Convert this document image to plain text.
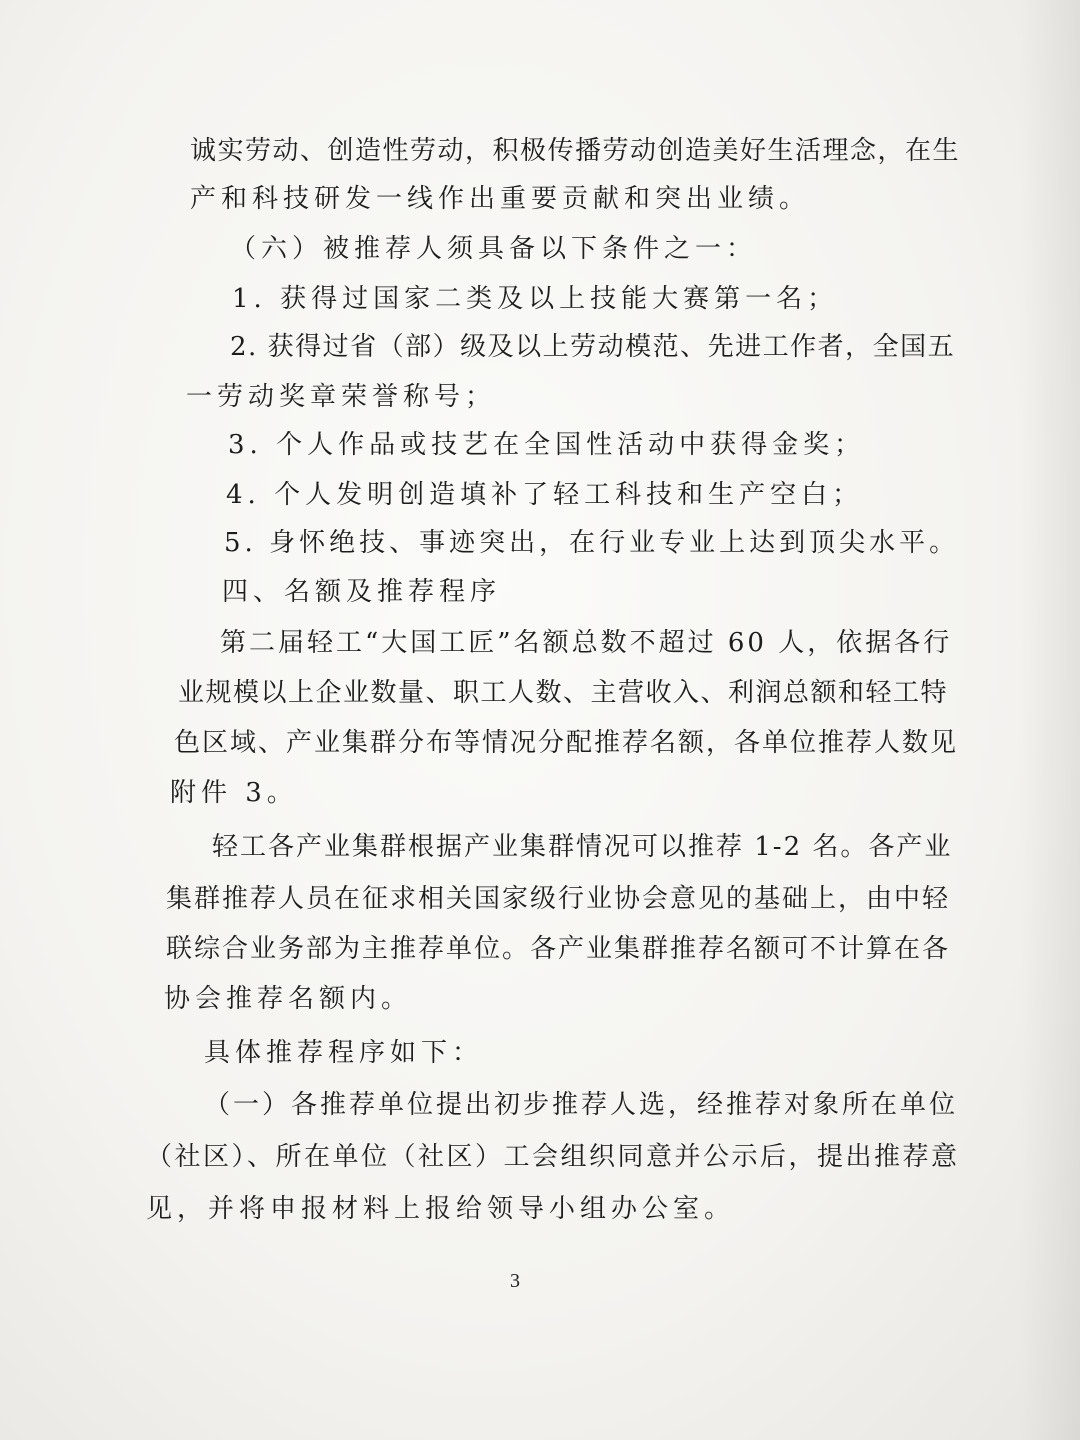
诚实劳动、创造性劳动，积极传播劳动创造美好生活理念，在生
产和科技研发一线作出重要贡献和突出业绩。
（六）被推荐人须具备以下条件之一：
1. 获得过国家二类及以上技能大赛第一名；
2. 获得过省（部）级及以上劳动模范、先进工作者，全国五
一劳动奖章荣誉称号；
3. 个人作品或技艺在全国性活动中获得金奖；
4. 个人发明创造填补了轻工科技和生产空白；
5. 身怀绝技、事迹突出，在行业专业上达到顶尖水平。
四、名额及推荐程序
第二届轻工“大国工匠”名额总数不超过 60 人，依据各行
业规模以上企业数量、职工人数、主营收入、利润总额和轻工特
色区域、产业集群分布等情况分配推荐名额，各单位推荐人数见
附件 3。
轻工各产业集群根据产业集群情况可以推荐 1-2 名。各产业
集群推荐人员在征求相关国家级行业协会意见的基础上，由中轻
联综合业务部为主推荐单位。各产业集群推荐名额可不计算在各
协会推荐名额内。
具体推荐程序如下：
（一）各推荐单位提出初步推荐人选，经推荐对象所在单位
（社区）、所在单位（社区）工会组织同意并公示后，提出推荐意
见，并将申报材料上报给领导小组办公室。
3
